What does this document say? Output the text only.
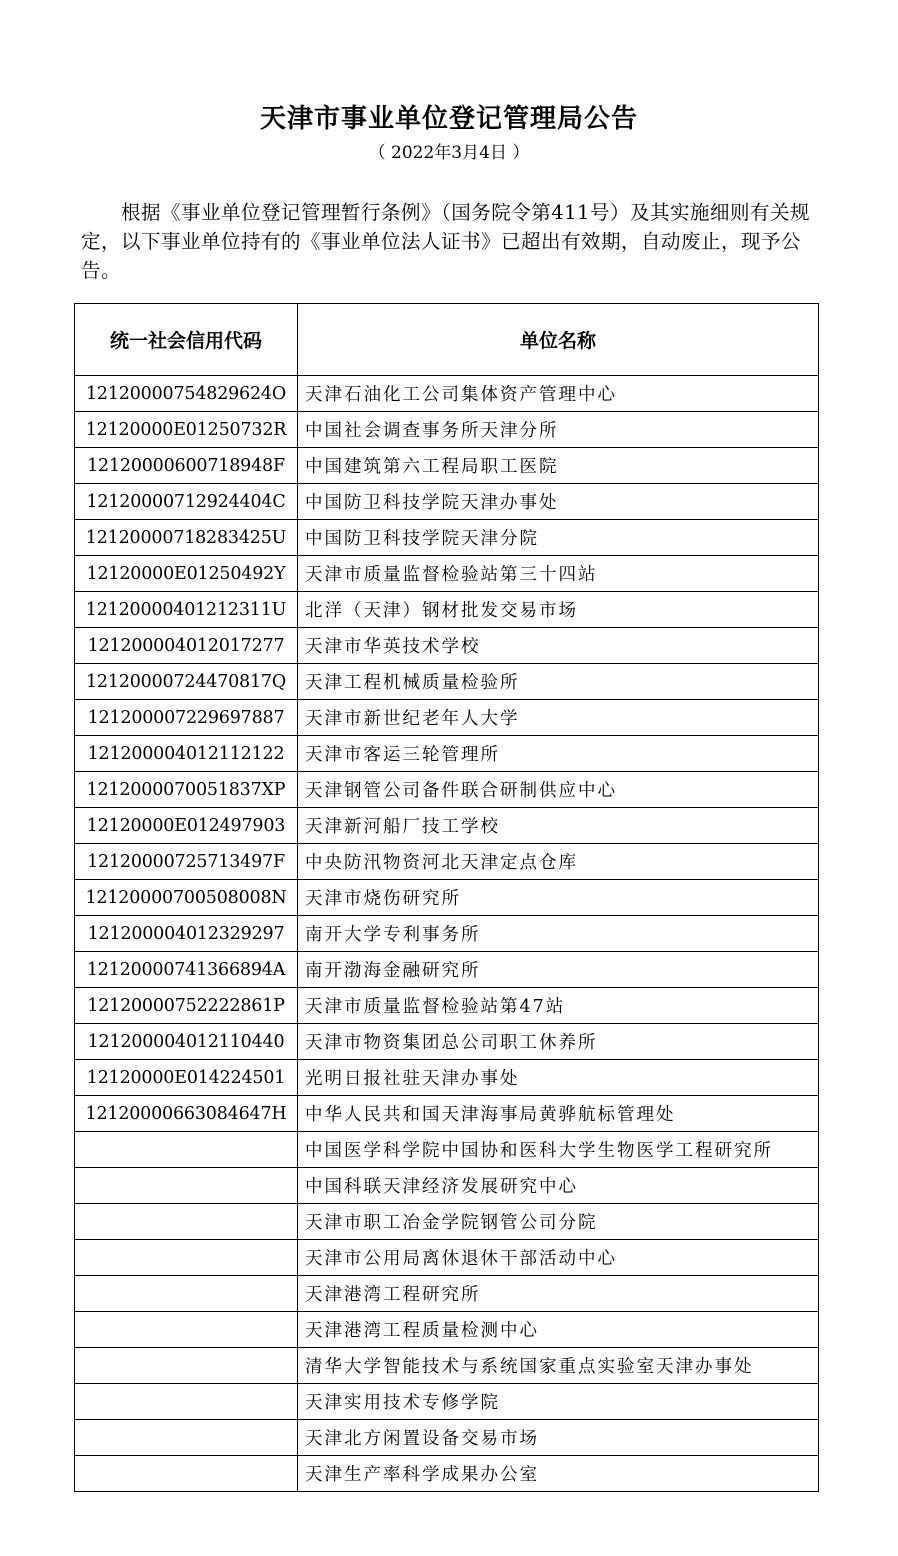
天津市事业单位登记管理局公告
（ 2022年3月4日 ）
根据《事业单位登记管理暂行条例》（国务院令第411号）及其实施细则有关规定，以下事业单位持有的《事业单位法人证书》已超出有效期，自动废止，现予公告。
统一社会信用代码	单位名称
12120000754829624O	天津石油化工公司集体资产管理中心
12120000E01250732R	中国社会调查事务所天津分所
12120000600718948F	中国建筑第六工程局职工医院
12120000712924404C	中国防卫科技学院天津办事处
12120000718283425U	中国防卫科技学院天津分院
12120000E01250492Y	天津市质量监督检验站第三十四站
12120000401212311U	北洋（天津）钢材批发交易市场
121200004012017277	天津市华英技术学校
12120000724470817Q	天津工程机械质量检验所
121200007229697887	天津市新世纪老年人大学
121200004012112122	天津市客运三轮管理所
1212000070051837XP	天津钢管公司备件联合研制供应中心
12120000E012497903	天津新河船厂技工学校
12120000725713497F	中央防汛物资河北天津定点仓库
12120000700508008N	天津市烧伤研究所
121200004012329297	南开大学专利事务所
12120000741366894A	南开渤海金融研究所
12120000752222861P	天津市质量监督检验站第47站
121200004012110440	天津市物资集团总公司职工休养所
12120000E014224501	光明日报社驻天津办事处
12120000663084647H	中华人民共和国天津海事局黄骅航标管理处
	中国医学科学院中国协和医科大学生物医学工程研究所
	中国科联天津经济发展研究中心
	天津市职工冶金学院钢管公司分院
	天津市公用局离休退休干部活动中心
	天津港湾工程研究所
	天津港湾工程质量检测中心
	清华大学智能技术与系统国家重点实验室天津办事处
	天津实用技术专修学院
	天津北方闲置设备交易市场
	天津生产率科学成果办公室
